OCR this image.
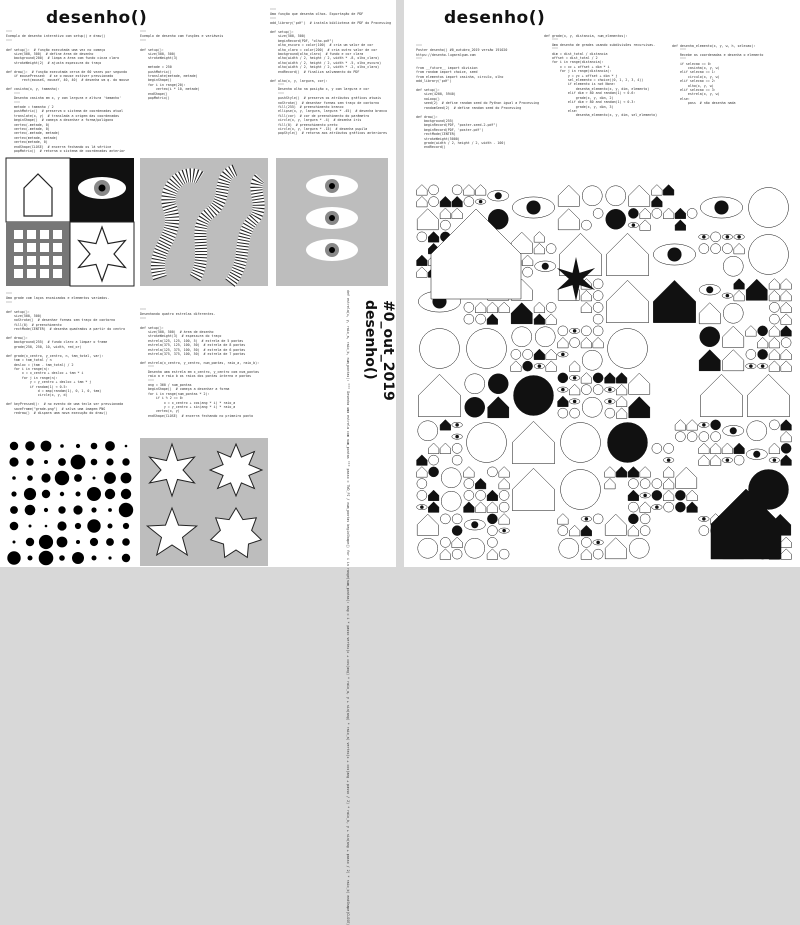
desenho()
"""
Exemplo de desenho interativo com setup() e draw()
"""

def setup():  # função executada uma vez no começo
size(500, 500)  # define área de desenho
background(200)  # limpa a área com fundo cinza claro
strokeWeight(2)  # ajusta espessura do traço

def draw():  # função executada cerca de 60 vezes por segundo
if mousePressed:  # se o mouse estiver pressionado
rect(mouseX, mouseY, 40, 40)  # desenha um q. do mouse

def casinha(x, y, tamanho):
"""
Desenha casinha em x, y com largura e altura 'tamanho'
"""
metade = tamanho / 2
pushMatrix()  # preserva o sistema de coordenadas atual
translate(x, y)  # translada a origem das coordenadas
beginShape()  # começa a desenhar a forma/polígono
vertex(-metade, 0)
vertex(-metade, 0)
vertex(-metade, metade)
vertex(metade, metade)
vertex(metade, 0)
endShape(CLOSE)  # encerra fechando os lá vértice
popMatrix()  # retorna o sistema de coordenadas anterior
"""
Exemplo de desenho com funções e variáveis
"""

def setup():
size(500, 500)
strokeWeight(3)

metade = 250
pushMatrix()
translate(metade, metade)
beginShape()
for i in range(20):
vertex(i * 10, metade)
endShape()
popMatrix()
"""
Uma função que desenha olhos. Exportação de PDF
"""
add_library('pdf')  # instala biblioteca de PDF do Processing

def setup():
size(500, 500)
beginRecord(PDF, "olho.pdf")
olho_escuro = color(100)  # cria um valor de cor
olho_claro = color(200)  # cria outro valor de cor
background(olho_claro)  # fundo e cor clara
olho(width / 2, height / 2, width * .8, olho_claro)
olho(width / 2, height / 2, width * .5, olho_escuro)
olho(width / 2, height / 2, width * .2, olho_claro)
endRecord()  # finaliza salvamento do PDF

def olho(x, y, largura, cor):
"""
Desenha olho na posição x, y com largura e cor
"""
pushStyle()  # preserva os atributos gráficos atuais
noStroke()  # desenhar formas sem traço de contorno
fill(255)  # preenchimento branco
ellipse(x, y, largura, largura * .45)  # desenha branco
fill(cor)  # cor de preenchimento do parâmetro
circle(x, y, largura * .4)  # desenha íris
fill(0)  # preenchimento preto
circle(x, y, largura * .15)  # desenha pupila
popStyle()  # retorna aos atributos gráficos anteriores
"""
Uma grade com laços encaixados e elementos variados.
"""

def setup():
size(500, 500)
noStroke()  # desenhar formas sem traço de contorno
fill(0)  # preenchimento
rectMode(CENTER)  # desenha quadrados a partir do centro

def draw():
background(255)  # fundo claro a limpar o frame
grade(250, 250, 10, width, red_or)

def grade(x_centro, y_centro, n, tam_total, var):
tam = tam_total / n
desloc = (tam - tam_total) / 2
for i in range(n):
x = x_centro + desloc + tam * i
for j in range(n):
y = y_centro + desloc + tam * j
if random(1) < 0.5:
d = map(random(1), 0, 1, 0, tam)
circle(x, y, d)

def keyPressed():  # no evento de uma tecla ser pressionada
saveFrame("grade.png")  # salva uma imagem PNG
redraw()  # dispara uma nova execução do draw()
"""
Desenhando quatro estrelas diferentes.
"""

def setup():
size(500, 500)  # área de desenho
strokeWeight(3)  # espessura do traço
estrela(125, 125, 100, 5)  # estrela de 5 pontas
estrela(375, 125, 100, 50)  # estrela de 8 pontas
estrela(125, 375, 100, 50)  # estrela de 6 pontas
estrela(375, 375, 100, 50)  # estrela de 7 pontas

def estrela(x_centro, y_centro, num_pontas, raio_a, raio_b):
"""
Desenha uma estrela em x_centro, y_centro com num_pontas
raio a e raio b os raios dos pontas interno e pontas
"""
ang = 360 / num_pontas
beginShape()  # começa a desenhar a forma
for i in range(num_pontas * 2):
if i % 2 == 0:
x = x_centro + cos(ang * i) * raio_a
y = y_centro + sin(ang * i) * raio_a
vertex(x, y)
endShape(CLOSE)  # encerra fechando no primeiro ponto
#0_out_2019
desenho()
def estrela(x, y, raio_a, raio_b, num_pontas): """ Desenha uma estrela com num_pontas """ passo = TWO_PI / num_pontas beginShape() for i in range(num_pontas): ang = i * passo vertex(x + cos(ang) * raio_a, y + sin(ang) * raio_a) vertex(x + cos(ang + passo / 2) * raio_b, y + sin(ang + passo / 2) * raio_b) endShape(CLOSE)
desenho()
"""
Poster desenho() #0_outubro_2019 versão 191020
https://desenho.lugaralgum.com
"""

from __future__ import division
from random import choice, seed
from elementos import casinha, circulo, olho
add_library('pdf')

def setup():
size(4200, 5940)
noLoop()
seed(2)  # define random seed do Python igual a Processing
randomSeed(2)  # define random seed do Processing

def draw():
background(255)
beginRecord(PDF, "poster-seed-2.pdf")
beginRecord(PDF, 'poster.pdf')
rectMode(CENTER)
strokeWeight(5000)
grade(width / 2, height / 2, width - 100)
endRecord()
def grade(x, y, distancia, num_elementos):
"""
Uma desenho de grades usando subdivisões recursivas.
"""
dim = dist_total / distancia
offset = dist_total / 2
for i in range(distancia):
x = xc + offset + dim * i
for j in range(distancia):
y = yc + offset + dim * j
sel_elemento = choice((0, 1, 2, 3, 4))
if elemento is not None:
desenha_elemento(x, y, dim, elemento)
elif dim > 80 and random(1) < 0.6:
grade(x, y, dim, 2)
elif dim > 80 and random(1) < 0.3:
grade(x, y, dim, 3)
else:
desenha_elemento(x, y, dim, sel_elemento)
def desenha_elemento(x, y, w, h, selecao):
"""
Recebe as coordenadas e desenha o elemento
"""
if selecao == 0:
casinha(x, y, w)
elif selecao == 1:
circulo(x, y, w)
elif selecao == 2:
olho(x, y, w)
elif selecao == 3:
estrela(x, y, w)
else:
pass  # não desenha nada
